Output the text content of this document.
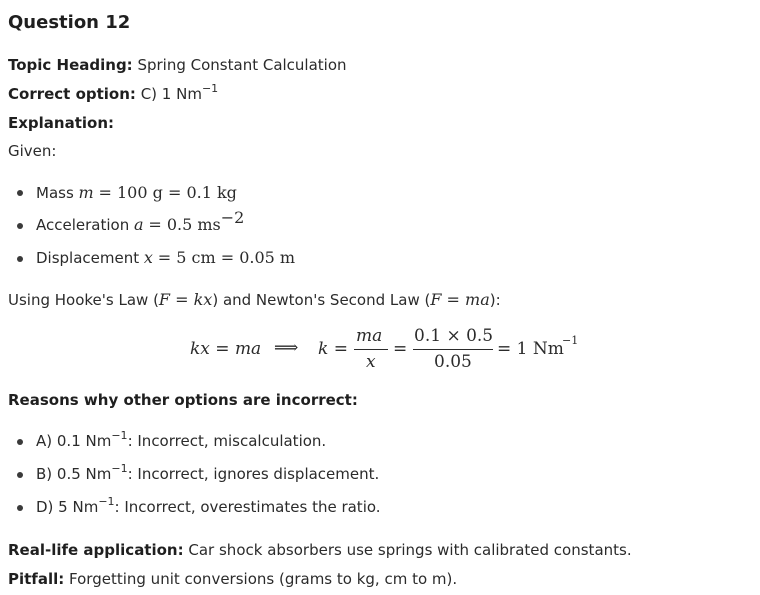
Question 12
Topic Heading: Spring Constant Calculation
Correct option: C) 1 $Nm^{-1}$
Explanation:
Given:
Mass m = 100 g = 0.1 kg
Acceleration a = 0.5 $ms^{-2}$
Displacement x = 5 cm = 0.05 m
Using Hooke's Law (F = kx) and Newton's Second Law (F = ma):
kx = ma ⟹ k =
ma
x
=
0.1 × 0.5
0.05
= 1 Nm
−1
Reasons why other options are incorrect:
A) 0.1 $Nm^{-1}$: Incorrect, miscalculation.
B) 0.5 $Nm^{-1}$: Incorrect, ignores displacement.
D) 5 $Nm^{-1}$: Incorrect, overestimates the ratio.
Real-life application: Car shock absorbers use springs with calibrated constants.
Pitfall: Forgetting unit conversions (grams to kg, cm to m).
